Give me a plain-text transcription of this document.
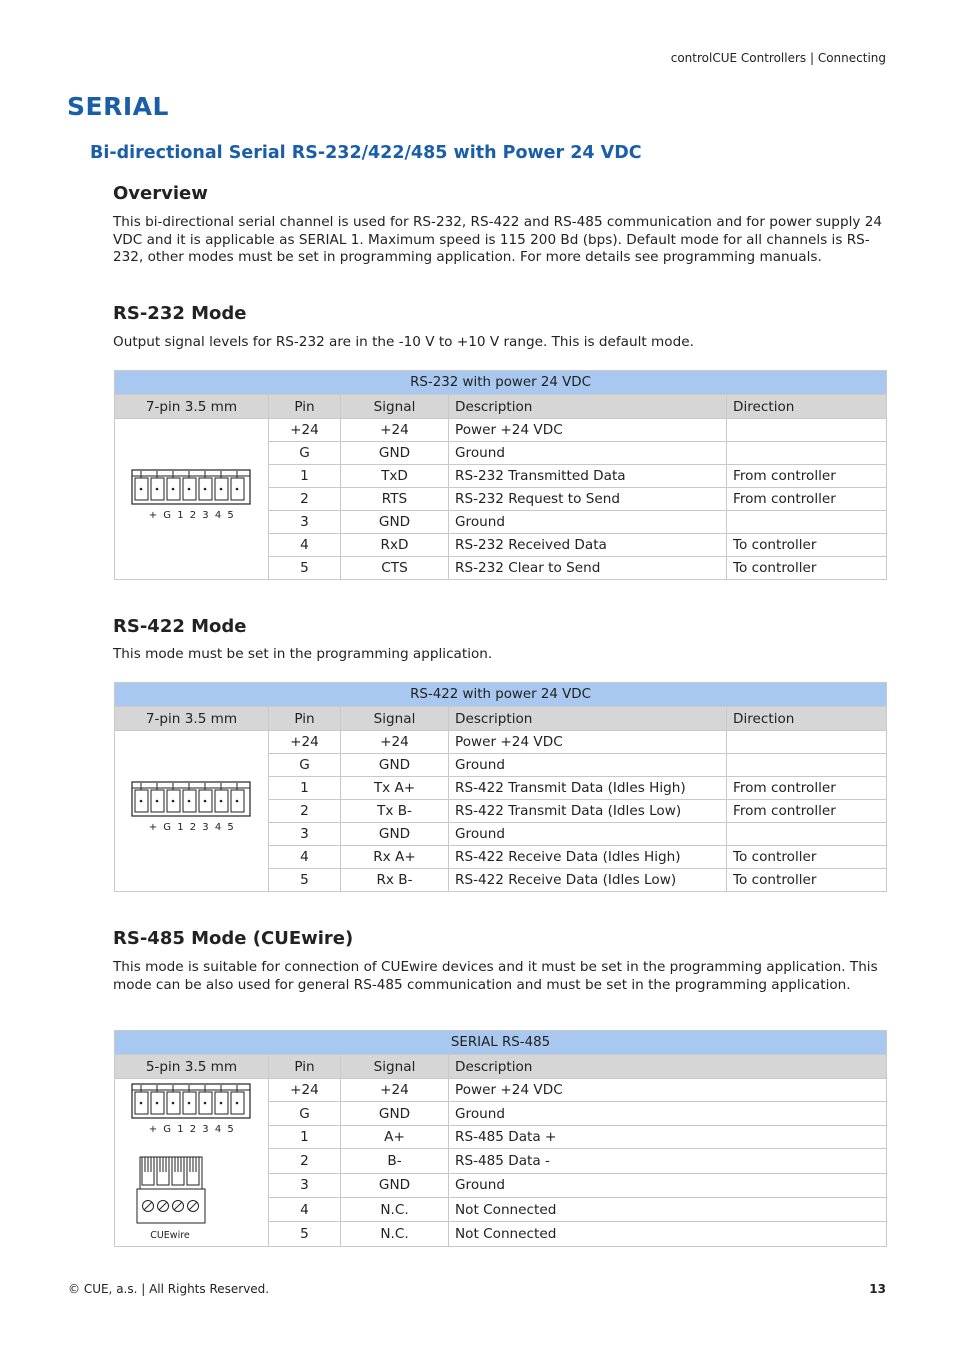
controlCUE Controllers | Connecting
SERIAL
Bi-directional Serial RS-232/422/485 with Power 24 VDC
Overview

This bi-directional serial channel is used for RS-232, RS-422 and RS-485 communication and for power supply 24 VDC and it is applicable as SERIAL 1. Maximum speed is 115 200 Bd (bps). Default mode for all channels is RS-232, other modes must be set in programming application. For more details see programming manuals.

RS-232 Mode

Output signal levels for RS-232 are in the -10 V to +10 V range. This is default mode.

RS-232 with power 24 VDC				
7-pin 3.5 mm	Pin	Signal	Description	Direction

+ G 1 2 3 4 5	+24	+24	Power +24 VDC	
	G	GND	Ground	
	1	TxD	RS-232 Transmitted Data	From controller
	2	RTS	RS-232 Request to Send	From controller
	3	GND	Ground	
	4	RxD	RS-232 Received Data	To controller
	5	CTS	RS-232 Clear to Send	To controller
RS-422 Mode

This mode must be set in the programming application.

RS-422 with power 24 VDC				
7-pin 3.5 mm	Pin	Signal	Description	Direction

+ G 1 2 3 4 5	+24	+24	Power +24 VDC	
	G	GND	Ground	
	1	Tx A+	RS-422 Transmit Data (Idles High)	From controller
	2	Tx B-	RS-422 Transmit Data (Idles Low)	From controller
	3	GND	Ground	
	4	Rx A+	RS-422 Receive Data (Idles High)	To controller
	5	Rx B-	RS-422 Receive Data (Idles Low)	To controller
RS-485 Mode (CUEwire)

This mode is suitable for connection of CUEwire devices and it must be set in the programming application. This mode can be also used for general RS-485 communication and must be set in the programming application.

SERIAL RS-485			
5-pin 3.5 mm	Pin	Signal	Description

+ G 1 2 3 4 5
CUEwire	+24	+24	Power +24 VDC
	G	GND	Ground
	1	A+	RS-485 Data +
	2	B-	RS-485 Data -
	3	GND	Ground
	4	N.C.	Not Connected
	5	N.C.	Not Connected
© CUE, a.s. | All Rights Reserved.	13
